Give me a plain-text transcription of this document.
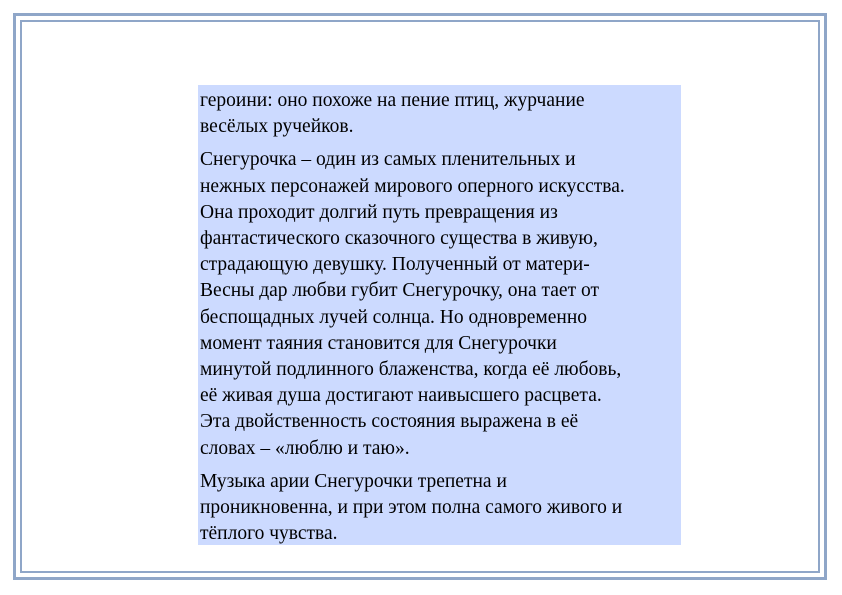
героини: оно похоже на пение птиц, журчание
весёлых ручейков.

Снегурочка – один из самых пленительных и
нежных персонажей мирового оперного искусства.
Она проходит долгий путь превращения из
фантастического сказочного существа в живую,
страдающую девушку. Полученный от матери-
Весны дар любви губит Снегурочку, она тает от
беспощадных лучей солнца. Но одновременно
момент таяния становится для Снегурочки
минутой подлинного блаженства, когда её любовь,
её живая душа достигают наивысшего расцвета.
Эта двойственность состояния выражена в её
словах – «люблю и таю».

Музыка арии Снегурочки трепетна и
проникновенна, и при этом полна самого живого и
тёплого чувства.
